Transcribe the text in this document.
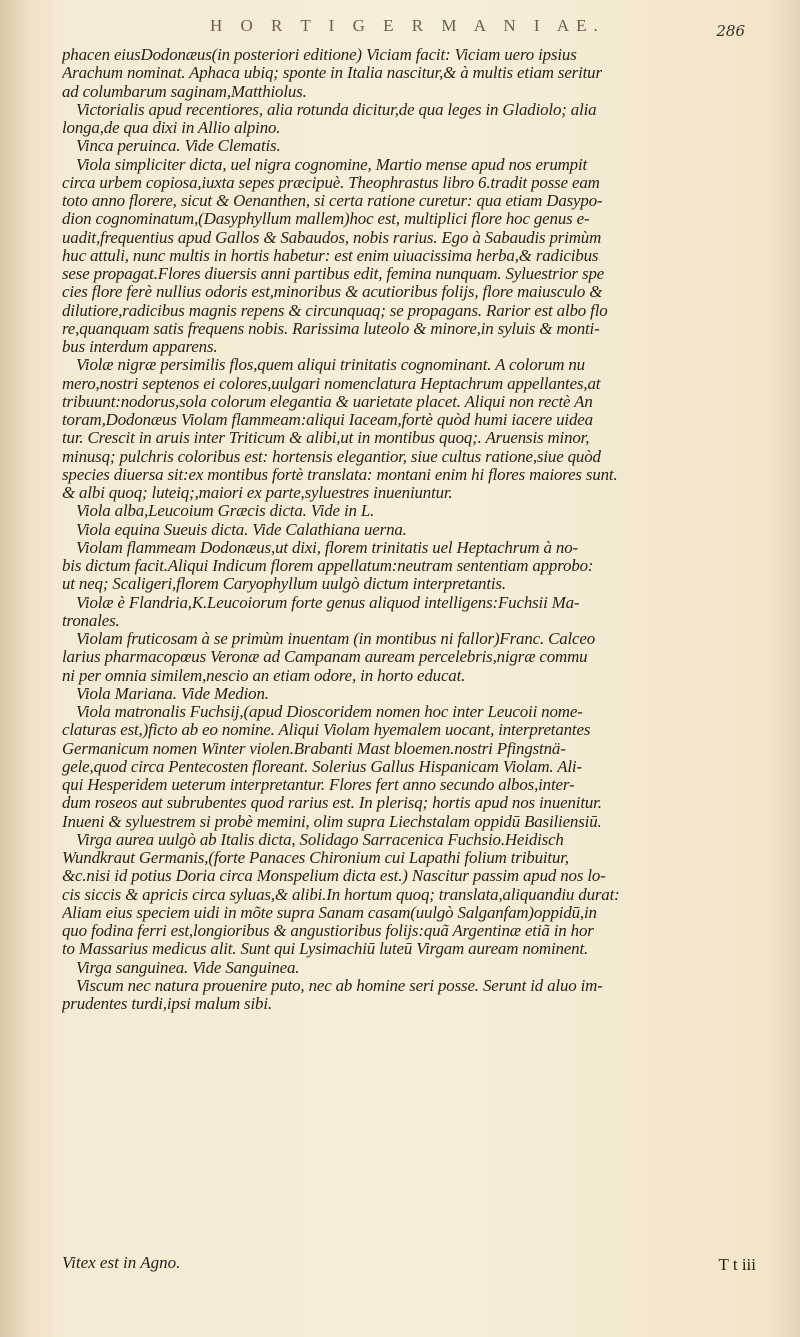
H O R T I G E R M A N I AE.	286
phacen eiusDodonæus(in posteriori editione) Viciam facit: Viciam uero ipsius
Arachum nominat. Aphaca ubiq; sponte in Italia nascitur,& à multis etiam seritur
ad columbarum saginam,Matthiolus.
Victorialis apud recentiores, alia rotunda dicitur,de qua leges in Gladiolo; alia
longa,de qua dixi in Allio alpino.
Vinca peruinca. Vide Clematis.
Viola simpliciter dicta, uel nigra cognomine, Martio mense apud nos erumpit
circa urbem copiosa,iuxta sepes præcipuè. Theophrastus libro 6.tradit posse eam
toto anno florere, sicut & Oenanthen, si certa ratione curetur: qua etiam Dasypo-
dion cognominatum,(Dasyphyllum mallem)hoc est, multiplici flore hoc genus e-
uadit,frequentius apud Gallos & Sabaudos, nobis rarius. Ego à Sabaudis primùm
huc attuli, nunc multis in hortis habetur: est enim uiuacissima herba,& radicibus
sese propagat.Flores diuersis anni partibus edit, femina nunquam. Syluestrior spe
cies flore ferè nullius odoris est,minoribus & acutioribus folijs, flore maiusculo &
dilutiore,radicibus magnis repens & circunquaq; se propagans. Rarior est albo flo
re,quanquam satis frequens nobis. Rarissima luteolo & minore,in syluis & monti-
bus interdum apparens.
Violæ nigræ persimilis flos,quem aliqui trinitatis cognominant. A colorum nu
mero,nostri septenos ei colores,uulgari nomenclatura Heptachrum appellantes,at
tribuunt:nodorus,sola colorum elegantia & uarietate placet. Aliqui non rectè An
toram,Dodonæus Violam flammeam:aliqui Iaceam,fortè quòd humi iacere uidea
tur. Crescit in aruis inter Triticum & alibi,ut in montibus quoq;. Aruensis minor,
minusq; pulchris coloribus est: hortensis elegantior, siue cultus ratione,siue quòd
species diuersa sit:ex montibus fortè translata: montani enim hi flores maiores sunt.
& albi quoq; luteiq;,maiori ex parte,syluestres inueniuntur.
Viola alba,Leucoium Græcis dicta. Vide in L.
Viola equina Sueuis dicta. Vide Calathiana uerna.
Violam flammeam Dodonæus,ut dixi, florem trinitatis uel Heptachrum à no-
bis dictum facit.Aliqui Indicum florem appellatum:neutram sententiam approbo:
ut neq; Scaligeri,florem Caryophyllum uulgò dictum interpretantis.
Violæ è Flandria,K.Leucoiorum forte genus aliquod intelligens:Fuchsii Ma-
tronales.
Violam fruticosam à se primùm inuentam (in montibus ni fallor)Franc. Calceo
larius pharmacopœus Veronæ ad Campanam auream percelebris,nigræ commu
ni per omnia similem,nescio an etiam odore, in horto educat.
Viola Mariana. Vide Medion.
Viola matronalis Fuchsij,(apud Dioscoridem nomen hoc inter Leucoii nome-
claturas est,)ficto ab eo nomine. Aliqui Violam hyemalem uocant, interpretantes
Germanicum nomen Winter violen.Brabanti Mast bloemen.nostri Pfingstnä-
gele,quod circa Pentecosten floreant. Solerius Gallus Hispanicam Violam. Ali-
qui Hesperidem ueterum interpretantur. Flores fert anno secundo albos,inter-
dum roseos aut subrubentes quod rarius est. In plerisq; hortis apud nos inuenitur.
Inueni & syluestrem si probè memini, olim supra Liechstalam oppidū Basiliensiū.
Virga aurea uulgò ab Italis dicta, Solidago Sarracenica Fuchsio.Heidisch
Wundkraut Germanis,(forte Panaces Chironium cui Lapathi folium tribuitur,
&c.nisi id potius Doria circa Monspelium dicta est.) Nascitur passim apud nos lo-
cis siccis & apricis circa syluas,& alibi.In hortum quoq; translata,aliquandiu durat:
Aliam eius speciem uidi in mõte supra Sanam casam(uulgò Salganfam)oppidū,in
quo fodina ferri est,longioribus & angustioribus folijs:quã Argentinæ etiã in hor
to Massarius medicus alit. Sunt qui Lysimachiū luteū Virgam auream nominent.
Virga sanguinea. Vide Sanguinea.
Viscum nec natura prouenire puto, nec ab homine seri posse. Serunt id aluo im-
prudentes turdi,ipsi malum sibi.
Vitex est in Agno.	T t iii
